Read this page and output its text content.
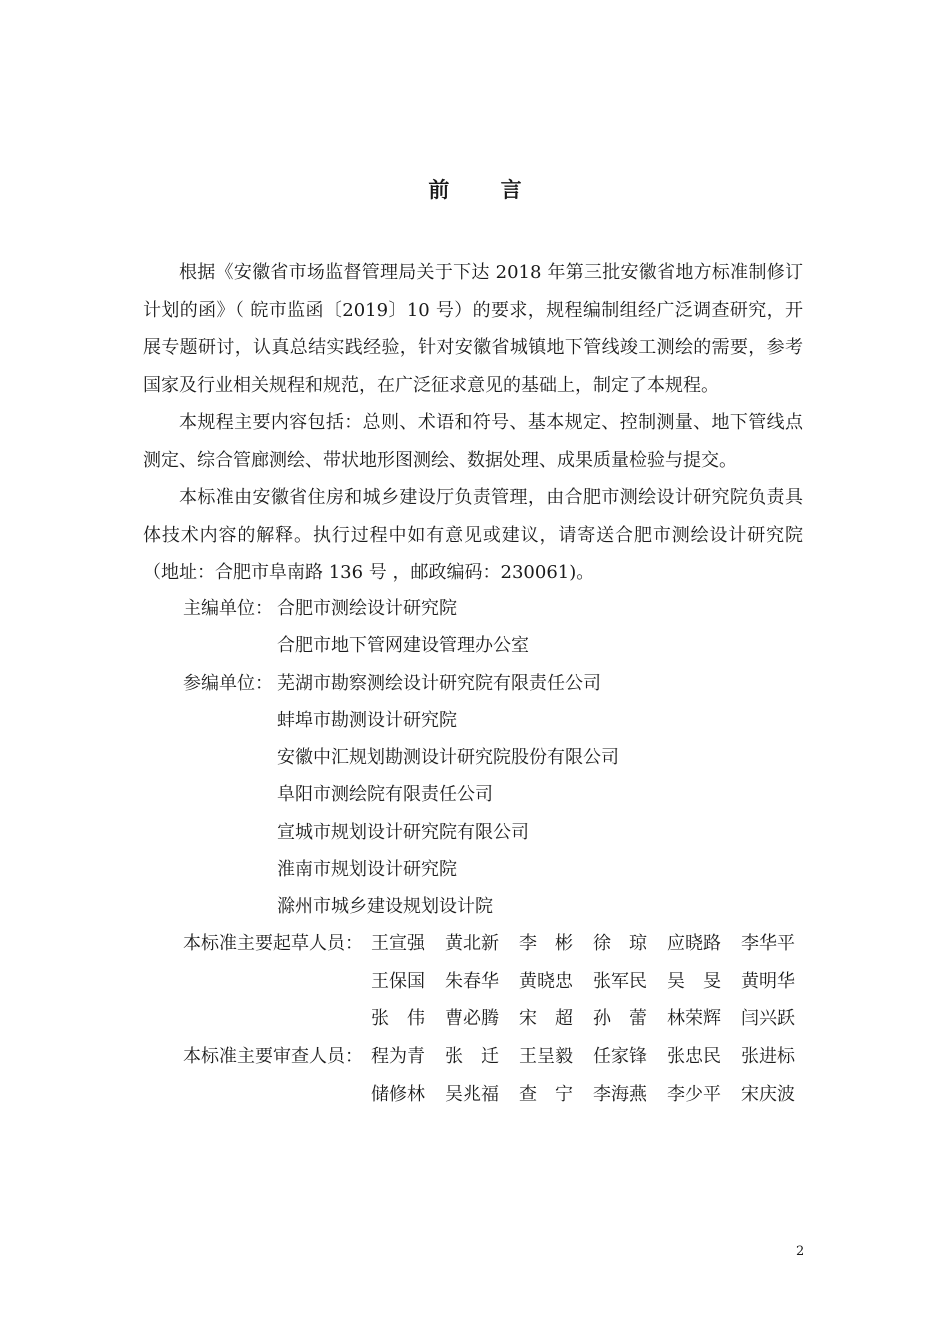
前 言

根据《安徽省市场监督管理局关于下达 2018 年第三批安徽省地方标准制修订计划的函》（ 皖市监函〔2019〕10 号）的要求，规程编制组经广泛调查研究，开展专题研讨，认真总结实践经验，针对安徽省城镇地下管线竣工测绘的需要，参考国家及行业相关规程和规范，在广泛征求意见的基础上，制定了本规程。

本规程主要内容包括：总则、术语和符号、基本规定、控制测量、地下管线点测定、综合管廊测绘、带状地形图测绘、数据处理、成果质量检验与提交。

本标准由安徽省住房和城乡建设厅负责管理，由合肥市测绘设计研究院负责具体技术内容的解释。执行过程中如有意见或建议，请寄送合肥市测绘设计研究院（地址：合肥市阜南路 136 号 ，邮政编码：230061)。

主编单位： 合肥市测绘设计研究院
合肥市地下管网建设管理办公室
参编单位： 芜湖市勘察测绘设计研究院有限责任公司
蚌埠市勘测设计研究院
安徽中汇规划勘测设计研究院股份有限公司
阜阳市测绘院有限责任公司
宣城市规划设计研究院有限公司
淮南市规划设计研究院
滁州市城乡建设规划设计院
本标准主要起草人员： 王宣强	黄北新	李　彬	徐　琼	应晓路	李华平
王保国	朱春华	黄晓忠	张军民	吴　旻	黄明华
张　伟	曹必腾	宋　超	孙　蕾	林荣辉	闫兴跃
本标准主要审查人员： 程为青	张　迁	王呈毅	任家锋	张忠民	张进标
储修林	吴兆福	查　宁	李海燕	李少平	宋庆波
2
